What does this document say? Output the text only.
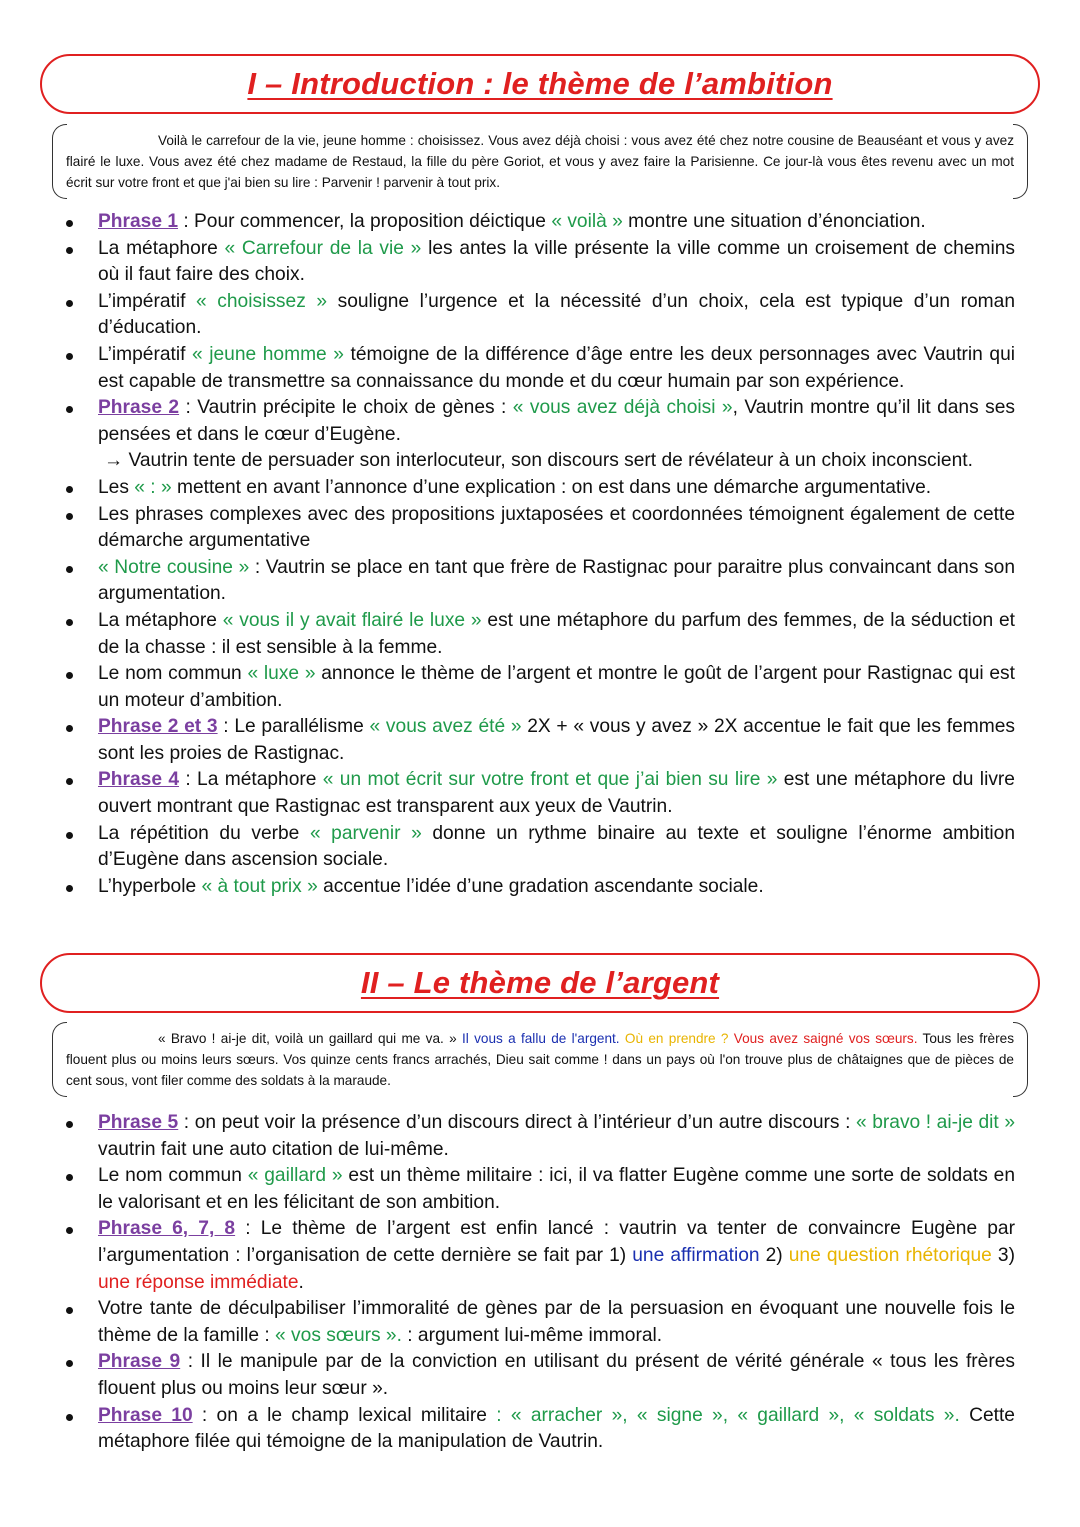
I – Introduction : le thème de l’ambition

Voilà le carrefour de la vie, jeune homme : choisissez. Vous avez déjà choisi : vous avez été chez notre cousine de Beauséant et vous y avez flairé le luxe. Vous avez été chez madame de Restaud, la fille du père Goriot, et vous y avez faire la Parisienne. Ce jour-là vous êtes revenu avec un mot écrit sur votre front et que j'ai bien su lire : Parvenir ! parvenir à tout prix.

Phrase 1 : Pour commencer, la proposition déictique « voilà » montre une situation d’énonciation.
La métaphore « Carrefour de la vie » les antes la ville présente la ville comme un croisement de chemins où il faut faire des choix.
L’impératif « choisissez » souligne l’urgence et la nécessité d’un choix, cela est typique d’un roman d’éducation.
L’impératif « jeune homme » témoigne de la différence d’âge entre les deux personnages avec Vautrin qui est capable de transmettre sa connaissance du monde et du cœur humain par son expérience.
Phrase 2 : Vautrin précipite le choix de gènes : « vous avez déjà choisi », Vautrin montre qu’il lit dans ses pensées et dans le cœur d’Eugène.
→ Vautrin tente de persuader son interlocuteur, son discours sert de révélateur à un choix inconscient.
Les « : » mettent en avant l’annonce d’une explication : on est dans une démarche argumentative.
Les phrases complexes avec des propositions juxtaposées et coordonnées témoignent également de cette démarche argumentative
« Notre cousine » : Vautrin se place en tant que frère de Rastignac pour paraitre plus convaincant dans son argumentation.
La métaphore « vous il y avait flairé le luxe » est une métaphore du parfum des femmes, de la séduction et de la chasse : il est sensible à la femme.
Le nom commun « luxe » annonce le thème de l’argent et montre le goût de l’argent pour Rastignac qui est un moteur d’ambition.
Phrase 2 et 3 : Le parallélisme « vous avez été » 2X + « vous y avez » 2X accentue le fait que les femmes sont les proies de Rastignac.
Phrase 4 : La métaphore « un mot écrit sur votre front et que j’ai bien su lire » est une métaphore du livre ouvert montrant que Rastignac est transparent aux yeux de Vautrin.
La répétition du verbe « parvenir » donne un rythme binaire au texte et souligne l’énorme ambition d’Eugène dans ascension sociale.
L’hyperbole « à tout prix » accentue l’idée d’une gradation ascendante sociale.
II – Le thème de l’argent

« Bravo ! ai-je dit, voilà un gaillard qui me va. » Il vous a fallu de l'argent. Où en prendre ? Vous avez saigné vos sœurs. Tous les frères flouent plus ou moins leurs sœurs. Vos quinze cents francs arrachés, Dieu sait comme ! dans un pays où l'on trouve plus de châtaignes que de pièces de cent sous, vont filer comme des soldats à la maraude.

Phrase 5 : on peut voir la présence d’un discours direct à l’intérieur d’un autre discours : « bravo ! ai-je dit » vautrin fait une auto citation de lui-même.
Le nom commun « gaillard » est un thème militaire : ici, il va flatter Eugène comme une sorte de soldats en le valorisant et en les félicitant de son ambition.
Phrase 6, 7, 8 : Le thème de l’argent est enfin lancé : vautrin va tenter de convaincre Eugène par l’argumentation : l’organisation de cette dernière se fait par 1) une affirmation 2) une question rhétorique 3) une réponse immédiate.
Votre tante de déculpabiliser l’immoralité de gènes par de la persuasion en évoquant une nouvelle fois le thème de la famille : « vos sœurs ». : argument lui-même immoral.
Phrase 9 : Il le manipule par de la conviction en utilisant du présent de vérité générale « tous les frères flouent plus ou moins leur sœur ».
Phrase 10 : on a le champ lexical militaire : « arracher », « signe », « gaillard », « soldats ». Cette métaphore filée qui témoigne de la manipulation de Vautrin.
